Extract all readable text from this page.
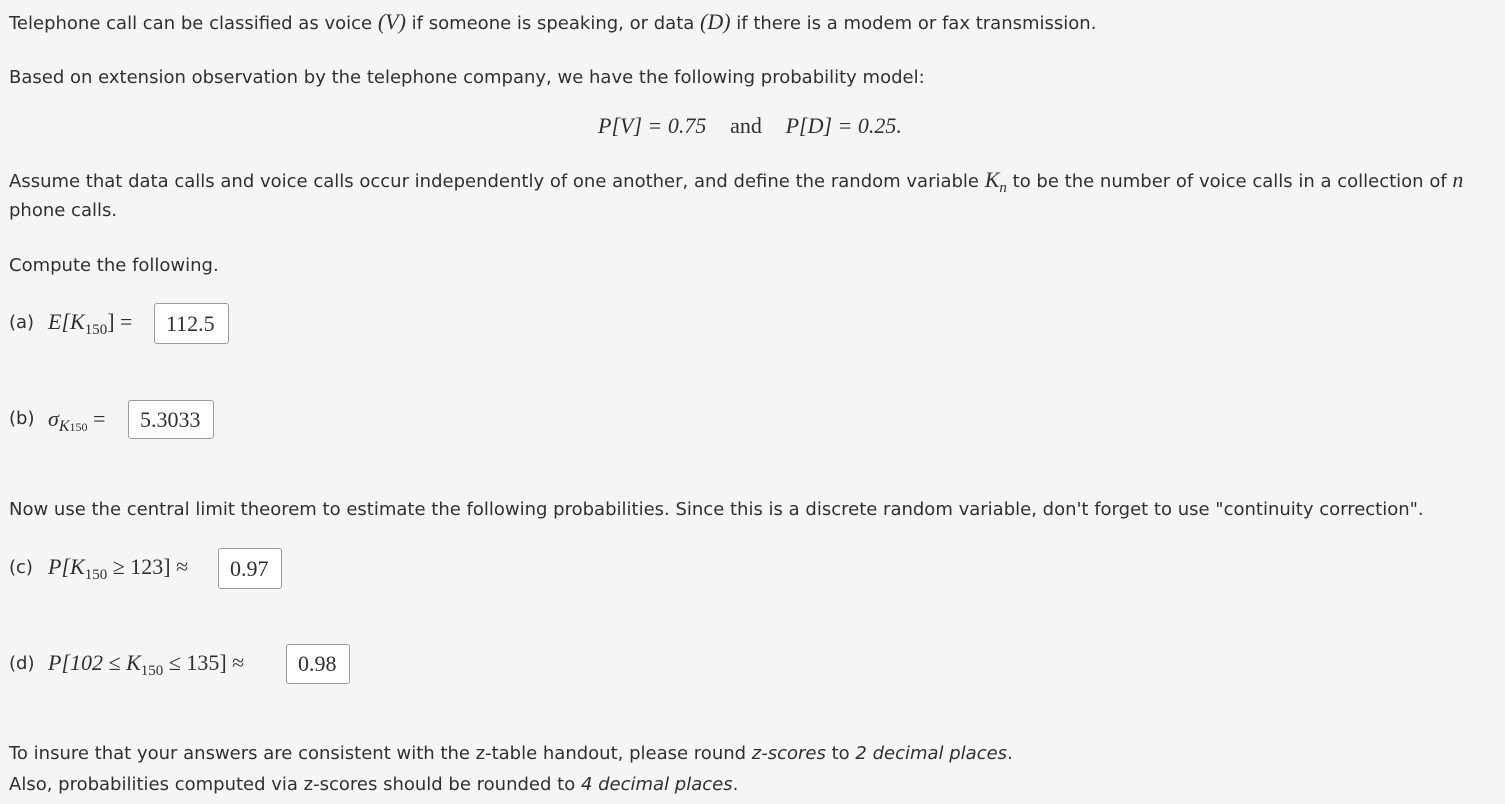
Telephone call can be classified as voice (V) if someone is speaking, or data (D) if there is a modem or fax transmission.
Based on extension observation by the telephone company, we have the following probability model:
P[V] = 0.75 and P[D] = 0.25.
Assume that data calls and voice calls occur independently of one another, and define the random variable $K_n$ to be the number of voice calls in a collection of n
phone calls.
Compute the following.
(a) $E[K_{150}]$ =	112.5
(b) $\sigma K_{150}$ =	5.3033
Now use the central limit theorem to estimate the following probabilities. Since this is a discrete random variable, don't forget to use "continuity correction".
(c) $P[K_{150} \ge 123]$ ≈	0.97
(d) $P[102 \le K_{150} \le 135]$ ≈	0.98
To insure that your answers are consistent with the z-table handout, please round z-scores to 2 decimal places.
Also, probabilities computed via z-scores should be rounded to 4 decimal places.
